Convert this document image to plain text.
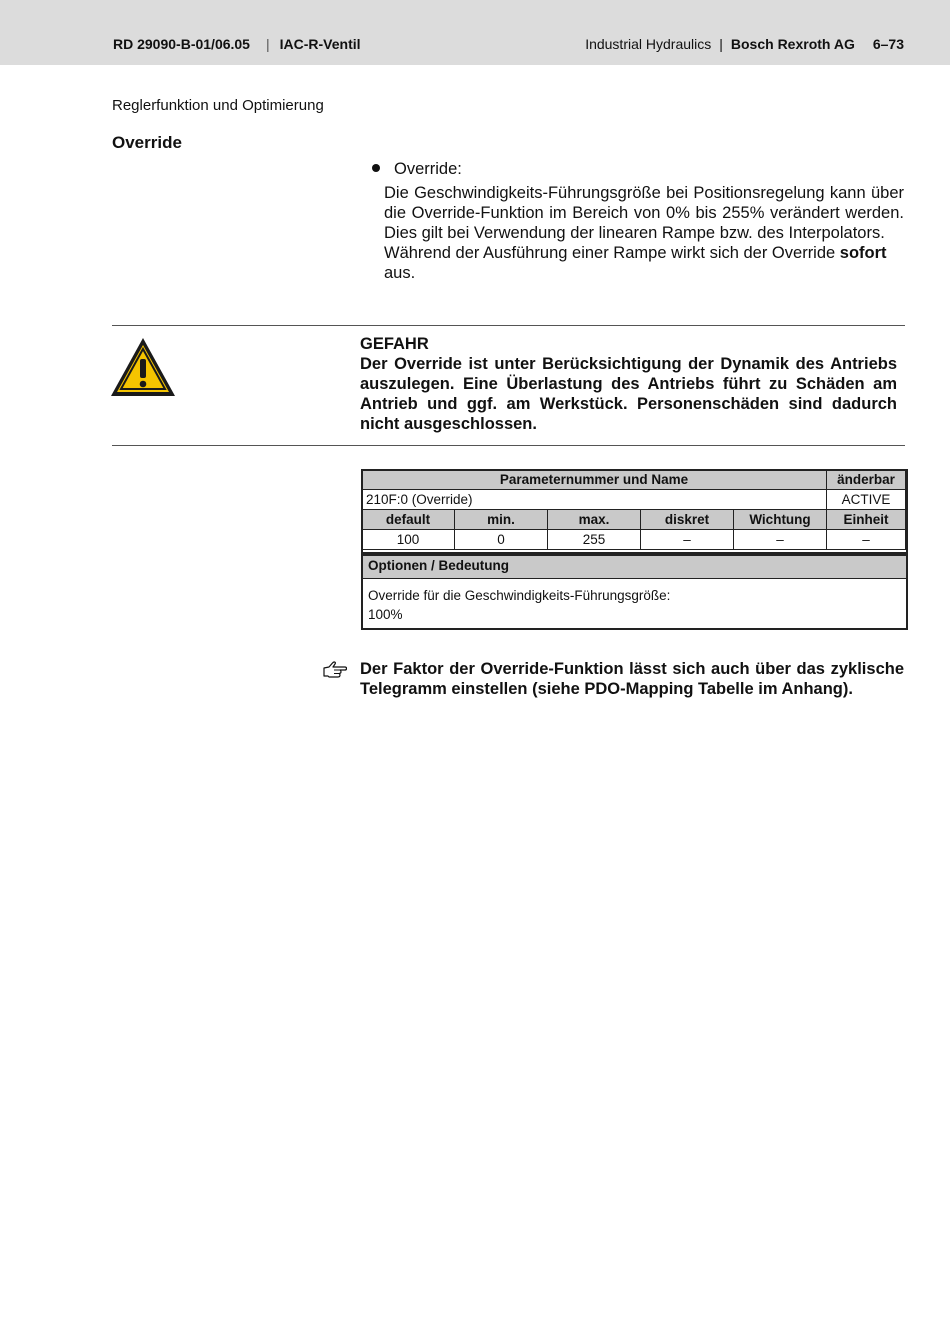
RD 29090-B-01/06.05 | IAC-R-Ventil	Industrial Hydraulics | Bosch Rexroth AG 6–73
Reglerfunktion und Optimierung
Override
Override:

Die Geschwindigkeits-Führungsgröße bei Positionsregelung kann über die Override-Funktion im Bereich von 0% bis 255% verändert werden. Dies gilt bei Verwendung der linearen Rampe bzw. des Interpolators.

Während der Ausführung einer Rampe wirkt sich der Override sofort aus.

GEFAHR
Der Override ist unter Berücksichtigung der Dynamik des Antriebs auszulegen. Eine Überlastung des Antriebs führt zu Schäden am Antrieb und ggf. am Werkstück. Personenschäden sind dadurch nicht ausgeschlossen.
Parameternummer und Name					änderbar
210F:0 (Override)					ACTIVE
default	min.	max.	diskret	Wichtung	Einheit
100	0	255	–	–	–
Optionen / Bedeutung
Override für die Geschwindigkeits-Führungsgröße:
100%
Der Faktor der Override-Funktion lässt sich auch über das zyklische Telegramm einstellen (siehe PDO-Mapping Tabelle im Anhang).
